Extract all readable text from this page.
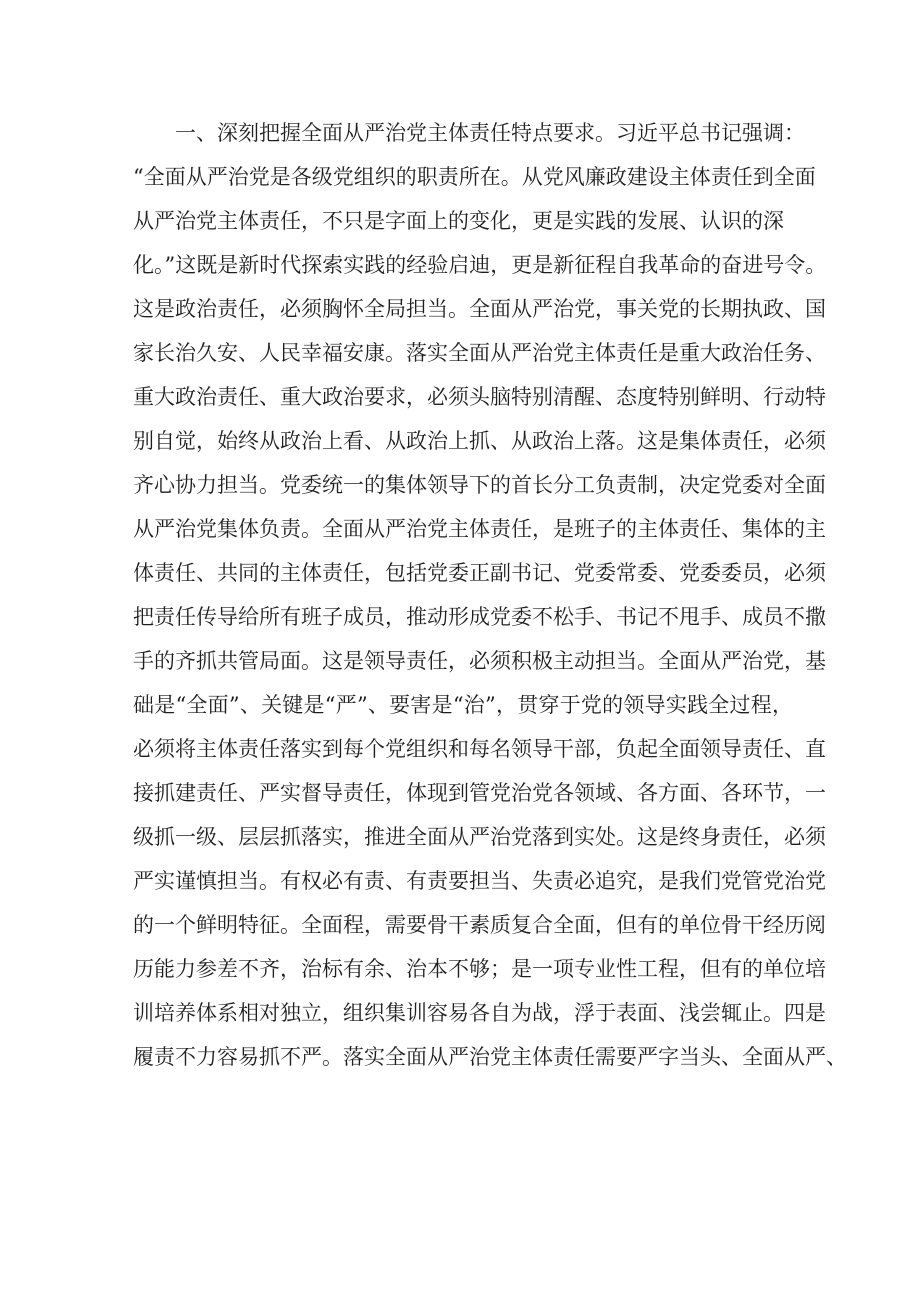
一、深刻把握全面从严治党主体责任特点要求。习近平总书记强调：
“全面从严治党是各级党组织的职责所在。从党风廉政建设主体责任到全面
从严治党主体责任，不只是字面上的变化，更是实践的发展、认识的深
化。”这既是新时代探索实践的经验启迪，更是新征程自我革命的奋进号令。
这是政治责任，必须胸怀全局担当。全面从严治党，事关党的长期执政、国
家长治久安、人民幸福安康。落实全面从严治党主体责任是重大政治任务、
重大政治责任、重大政治要求，必须头脑特别清醒、态度特别鲜明、行动特
别自觉，始终从政治上看、从政治上抓、从政治上落。这是集体责任，必须
齐心协力担当。党委统一的集体领导下的首长分工负责制，决定党委对全面
从严治党集体负责。全面从严治党主体责任，是班子的主体责任、集体的主
体责任、共同的主体责任，包括党委正副书记、党委常委、党委委员，必须
把责任传导给所有班子成员，推动形成党委不松手、书记不甩手、成员不撒
手的齐抓共管局面。这是领导责任，必须积极主动担当。全面从严治党，基
础是“全面”、关键是“严”、要害是“治”，贯穿于党的领导实践全过程，
必须将主体责任落实到每个党组织和每名领导干部，负起全面领导责任、直
接抓建责任、严实督导责任，体现到管党治党各领域、各方面、各环节，一
级抓一级、层层抓落实，推进全面从严治党落到实处。这是终身责任，必须
严实谨慎担当。有权必有责、有责要担当、失责必追究，是我们党管党治党
的一个鲜明特征。全面程，需要骨干素质复合全面，但有的单位骨干经历阅
历能力参差不齐，治标有余、治本不够；是一项专业性工程，但有的单位培
训培养体系相对独立，组织集训容易各自为战，浮于表面、浅尝辄止。四是
履责不力容易抓不严。落实全面从严治党主体责任需要严字当头、全面从严、
